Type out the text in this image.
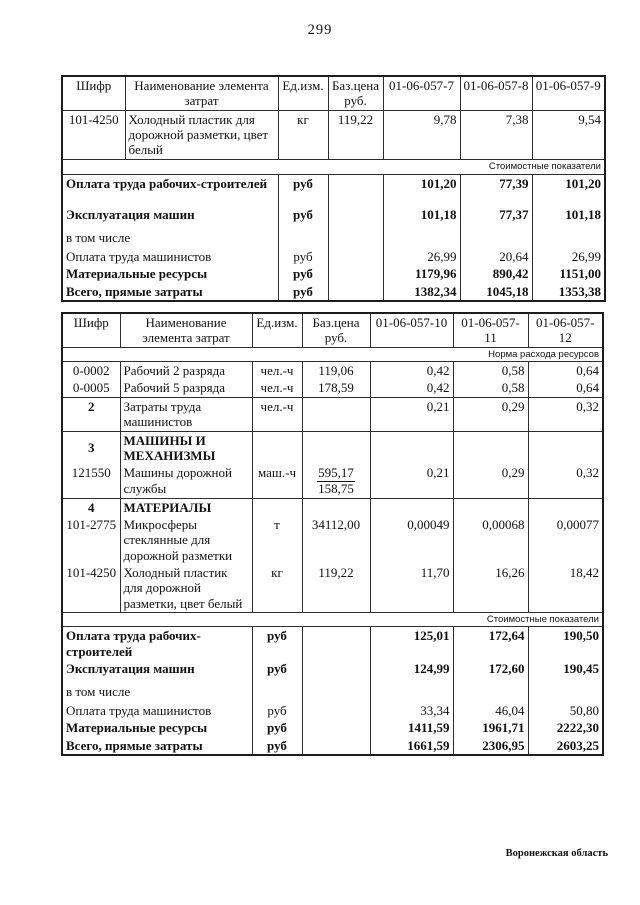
299
Шифр	Наименование элемента затрат	Ед.изм.	Баз.цена руб.	01-06-057-7	01-06-057-8	01-06-057-9
101-4250	Холодный пластик для дорожной разметки, цвет белый	кг	119,22	9,78	7,38	9,54
Стоимостные показатели						
Оплата труда рабочих-строителей		руб		101,20	77,39	101,20
Эксплуатация машин		руб		101,18	77,37	101,18
в том числе						
Оплата труда машинистов		руб		26,99	20,64	26,99
Материальные ресурсы		руб		1179,96	890,42	1151,00
Всего, прямые затраты		руб		1382,34	1045,18	1353,38
Шифр	Наименование элемента затрат	Ед.изм.	Баз.цена руб.	01-06-057-10	01-06-057-11	01-06-057-12
Норма расхода ресурсов						
0-0002	Рабочий 2 разряда	чел.-ч	119,06	0,42	0,58	0,64
0-0005	Рабочий 5 разряда	чел.-ч	178,59	0,42	0,58	0,64
2	Затраты труда машинистов	чел.-ч		0,21	0,29	0,32
3	МАШИНЫ И МЕХАНИЗМЫ					
121550	Машины дорожной службы	маш.-ч	$\frac{595,17}{158,75}$	0,21	0,29	0,32
4	МАТЕРИАЛЫ					
101-2775	Микросферы стеклянные для дорожной разметки	т	34112,00	0,00049	0,00068	0,00077
101-4250	Холодный пластик для дорожной разметки, цвет белый	кг	119,22	11,70	16,26	18,42
Стоимостные показатели						
Оплата труда рабочих-строителей		руб		125,01	172,64	190,50
Эксплуатация машин		руб		124,99	172,60	190,45
в том числе						
Оплата труда машинистов		руб		33,34	46,04	50,80
Материальные ресурсы		руб		1411,59	1961,71	2222,30
Всего, прямые затраты		руб		1661,59	2306,95	2603,25
Воронежская область
